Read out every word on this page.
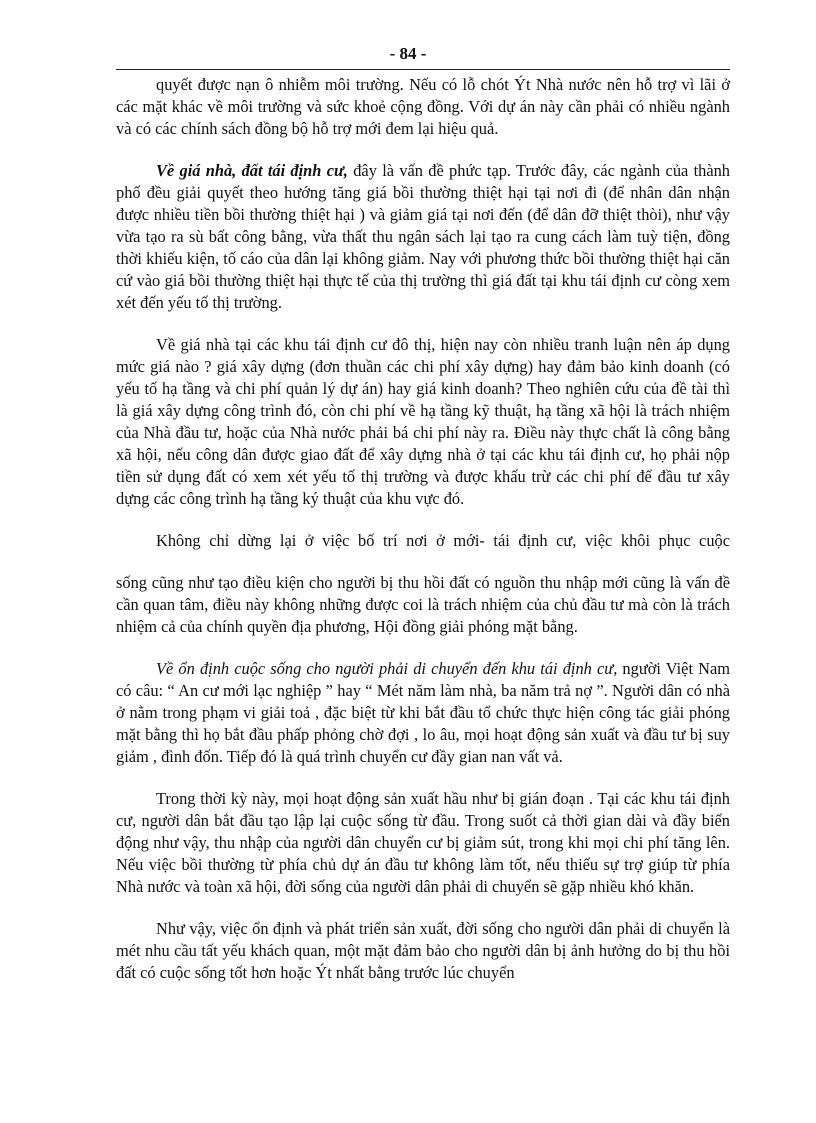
- 84 -

quyết được nạn ô nhiễm môi trường. Nếu có lỗ chót Ýt Nhà nước nên hỗ trợ vì lãi ở các mặt khác về môi trường và sức khoẻ cộng đồng. Với dự án này cần phải có nhiều ngành và có các chính sách đồng bộ hỗ trợ mới đem lại hiệu quả.

Về giá nhà, đất tái định cư, đây là vấn đề phức tạp. Trước đây, các ngành của thành phố đều giải quyết theo hướng tăng giá bồi thường thiệt hại tại nơi đi (để nhân dân nhận được nhiều tiền bồi thường thiệt hại ) và giảm giá tại nơi đến (để dân đỡ thiệt thòi), như vậy vừa tạo ra sù bất công bằng, vừa thất thu ngân sách lại tạo ra cung cách làm tuỳ tiện, đồng thời khiếu kiện, tố cáo của dân lại không giảm. Nay với phương thức bồi thường thiệt hại căn cứ vào giá bồi thường thiệt hại thực tế của thị trường thì giá đất tại khu tái định cư còng xem xét đến yếu tố thị trường.

Về giá nhà tại các khu tái định cư đô thị, hiện nay còn nhiều tranh luận nên áp dụng mức giá nào ? giá xây dựng (đơn thuần các chi phí xây dựng) hay đảm bảo kinh doanh (có yếu tố hạ tầng và chi phí quản lý dự án) hay giá kinh doanh? Theo nghiên cứu của đề tài thì là giá xây dựng công trình đó, còn chi phí về hạ tầng kỹ thuật, hạ tầng xã hội là trách nhiệm của Nhà đầu tư, hoặc của Nhà nước phải bá chi phí này ra. Điều này thực chất là công bằng xã hội, nếu công dân được giao đất để xây dựng nhà ở tại các khu tái định cư, họ phải nộp tiền sử dụng đất có xem xét yếu tố thị trường và được khấu trừ các chi phí để đầu tư xây dựng các công trình hạ tầng ký thuật của khu vực đó.

Không chỉ dừng lại ở việc bố trí nơi ở mới- tái định cư, việc khôi phục cuộc

sống cũng như tạo điều kiện cho người bị thu hồi đất có nguồn thu nhập mới cũng là vấn đề cần quan tâm, điều này không những được coi là trách nhiệm của chủ đầu tư mà còn là trách nhiệm cả của chính quyền địa phương, Hội đồng giải phóng mặt bằng.

Về ổn định cuộc sống cho người phải di chuyển đến khu tái định cư, người Việt Nam có câu: “ An cư mới lạc nghiệp ” hay “ Mét năm làm nhà, ba năm trả nợ ”. Người dân có nhà ở nằm trong phạm vi giải toả , đặc biệt từ khi bắt đầu tổ chức thực hiện công tác giải phóng mặt bằng thì họ bắt đầu phấp phỏng chờ đợi , lo âu, mọi hoạt động sản xuất và đầu tư bị suy giảm , đình đốn. Tiếp đó là quá trình chuyển cư đầy gian nan vất vả.

Trong thời kỳ này, mọi hoạt động sản xuất hầu như bị gián đoạn . Tại các khu tái định cư, người dân bắt đầu tạo lập lại cuộc sống từ đầu. Trong suốt cả thời gian dài và đầy biến động như vậy, thu nhập của người dân chuyển cư bị giảm sút, trong khi mọi chi phí tăng lên. Nếu việc bồi thường từ phía chủ dự án đầu tư không làm tốt, nếu thiếu sự trợ giúp từ phía Nhà nước và toàn xã hội, đời sống của người dân phải di chuyển sẽ gặp nhiều khó khăn.

Như vậy, việc ổn định và phát triển sản xuất, đời sống cho người dân phải di chuyển là mét nhu cầu tất yếu khách quan, một mặt đảm bảo cho người dân bị ảnh hưởng do bị thu hồi đất có cuộc sống tốt hơn hoặc Ýt nhất bằng trước lúc chuyển
